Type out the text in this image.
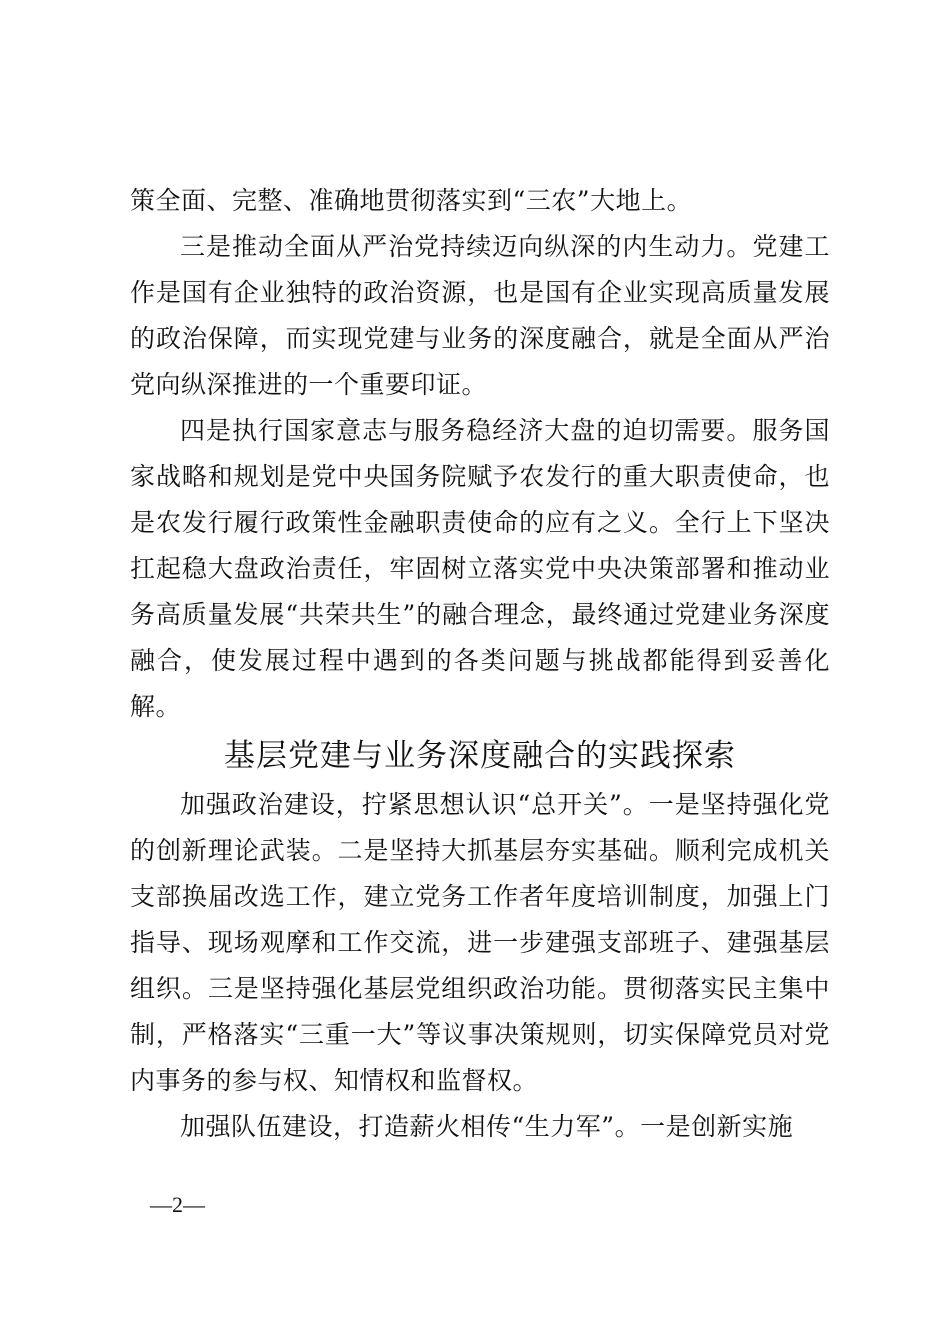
策全面、完整、准确地贯彻落实到“三农”大地上。

三是推动全面从严治党持续迈向纵深的内生动力。党建工作是国有企业独特的政治资源，也是国有企业实现高质量发展的政治保障，而实现党建与业务的深度融合，就是全面从严治党向纵深推进的一个重要印证。

四是执行国家意志与服务稳经济大盘的迫切需要。服务国家战略和规划是党中央国务院赋予农发行的重大职责使命，也是农发行履行政策性金融职责使命的应有之义。全行上下坚决扛起稳大盘政治责任，牢固树立落实党中央决策部署和推动业务高质量发展“共荣共生”的融合理念，最终通过党建业务深度融合，使发展过程中遇到的各类问题与挑战都能得到妥善化解。

基层党建与业务深度融合的实践探索

加强政治建设，拧紧思想认识“总开关”。一是坚持强化党的创新理论武装。二是坚持大抓基层夯实基础。顺利完成机关支部换届改选工作，建立党务工作者年度培训制度，加强上门指导、现场观摩和工作交流，进一步建强支部班子、建强基层组织。三是坚持强化基层党组织政治功能。贯彻落实民主集中制，严格落实“三重一大”等议事决策规则，切实保障党员对党内事务的参与权、知情权和监督权。

加强队伍建设，打造薪火相传“生力军”。一是创新实施

—2—
